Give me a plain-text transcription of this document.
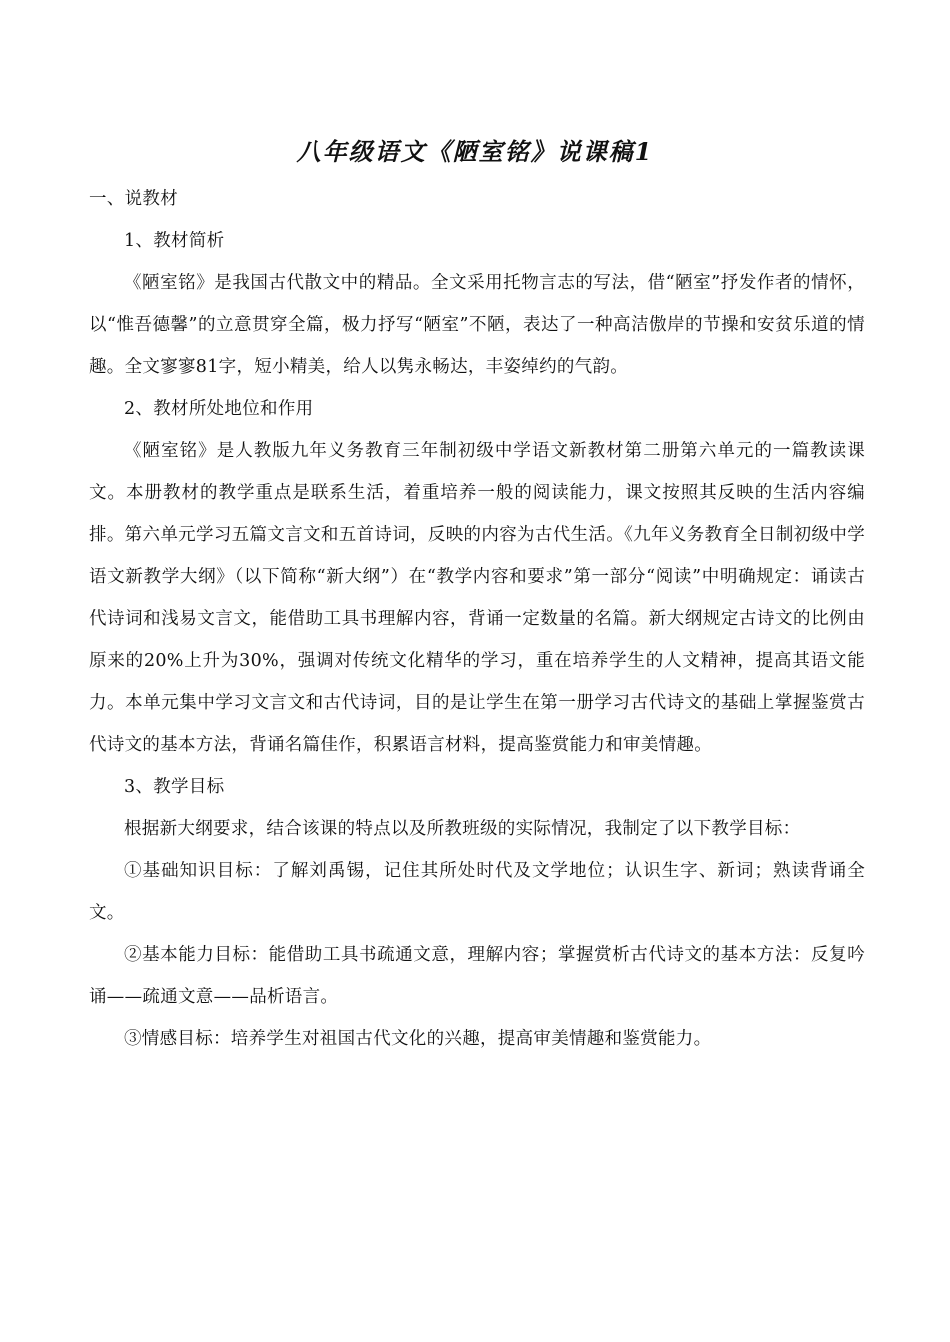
八年级语文《陋室铭》说课稿1

一、说教材

1、教材简析

《陋室铭》是我国古代散文中的精品。全文采用托物言志的写法，借“陋室”抒发作者的情怀，以“惟吾德馨”的立意贯穿全篇，极力抒写“陋室”不陋，表达了一种高洁傲岸的节操和安贫乐道的情趣。全文寥寥81字，短小精美，给人以隽永畅达，丰姿绰约的气韵。

2、教材所处地位和作用

《陋室铭》是人教版九年义务教育三年制初级中学语文新教材第二册第六单元的一篇教读课文。本册教材的教学重点是联系生活，着重培养一般的阅读能力，课文按照其反映的生活内容编排。第六单元学习五篇文言文和五首诗词，反映的内容为古代生活。《九年义务教育全日制初级中学语文新教学大纲》（以下简称“新大纲”）在“教学内容和要求”第一部分“阅读”中明确规定：诵读古代诗词和浅易文言文，能借助工具书理解内容，背诵一定数量的名篇。新大纲规定古诗文的比例由原来的20%上升为30%，强调对传统文化精华的学习，重在培养学生的人文精神，提高其语文能力。本单元集中学习文言文和古代诗词，目的是让学生在第一册学习古代诗文的基础上掌握鉴赏古代诗文的基本方法，背诵名篇佳作，积累语言材料，提高鉴赏能力和审美情趣。

3、教学目标

根据新大纲要求，结合该课的特点以及所教班级的实际情况，我制定了以下教学目标：

①基础知识目标：了解刘禹锡，记住其所处时代及文学地位；认识生字、新词；熟读背诵全文。

②基本能力目标：能借助工具书疏通文意，理解内容；掌握赏析古代诗文的基本方法：反复吟诵——疏通文意——品析语言。

③情感目标：培养学生对祖国古代文化的兴趣，提高审美情趣和鉴赏能力。
